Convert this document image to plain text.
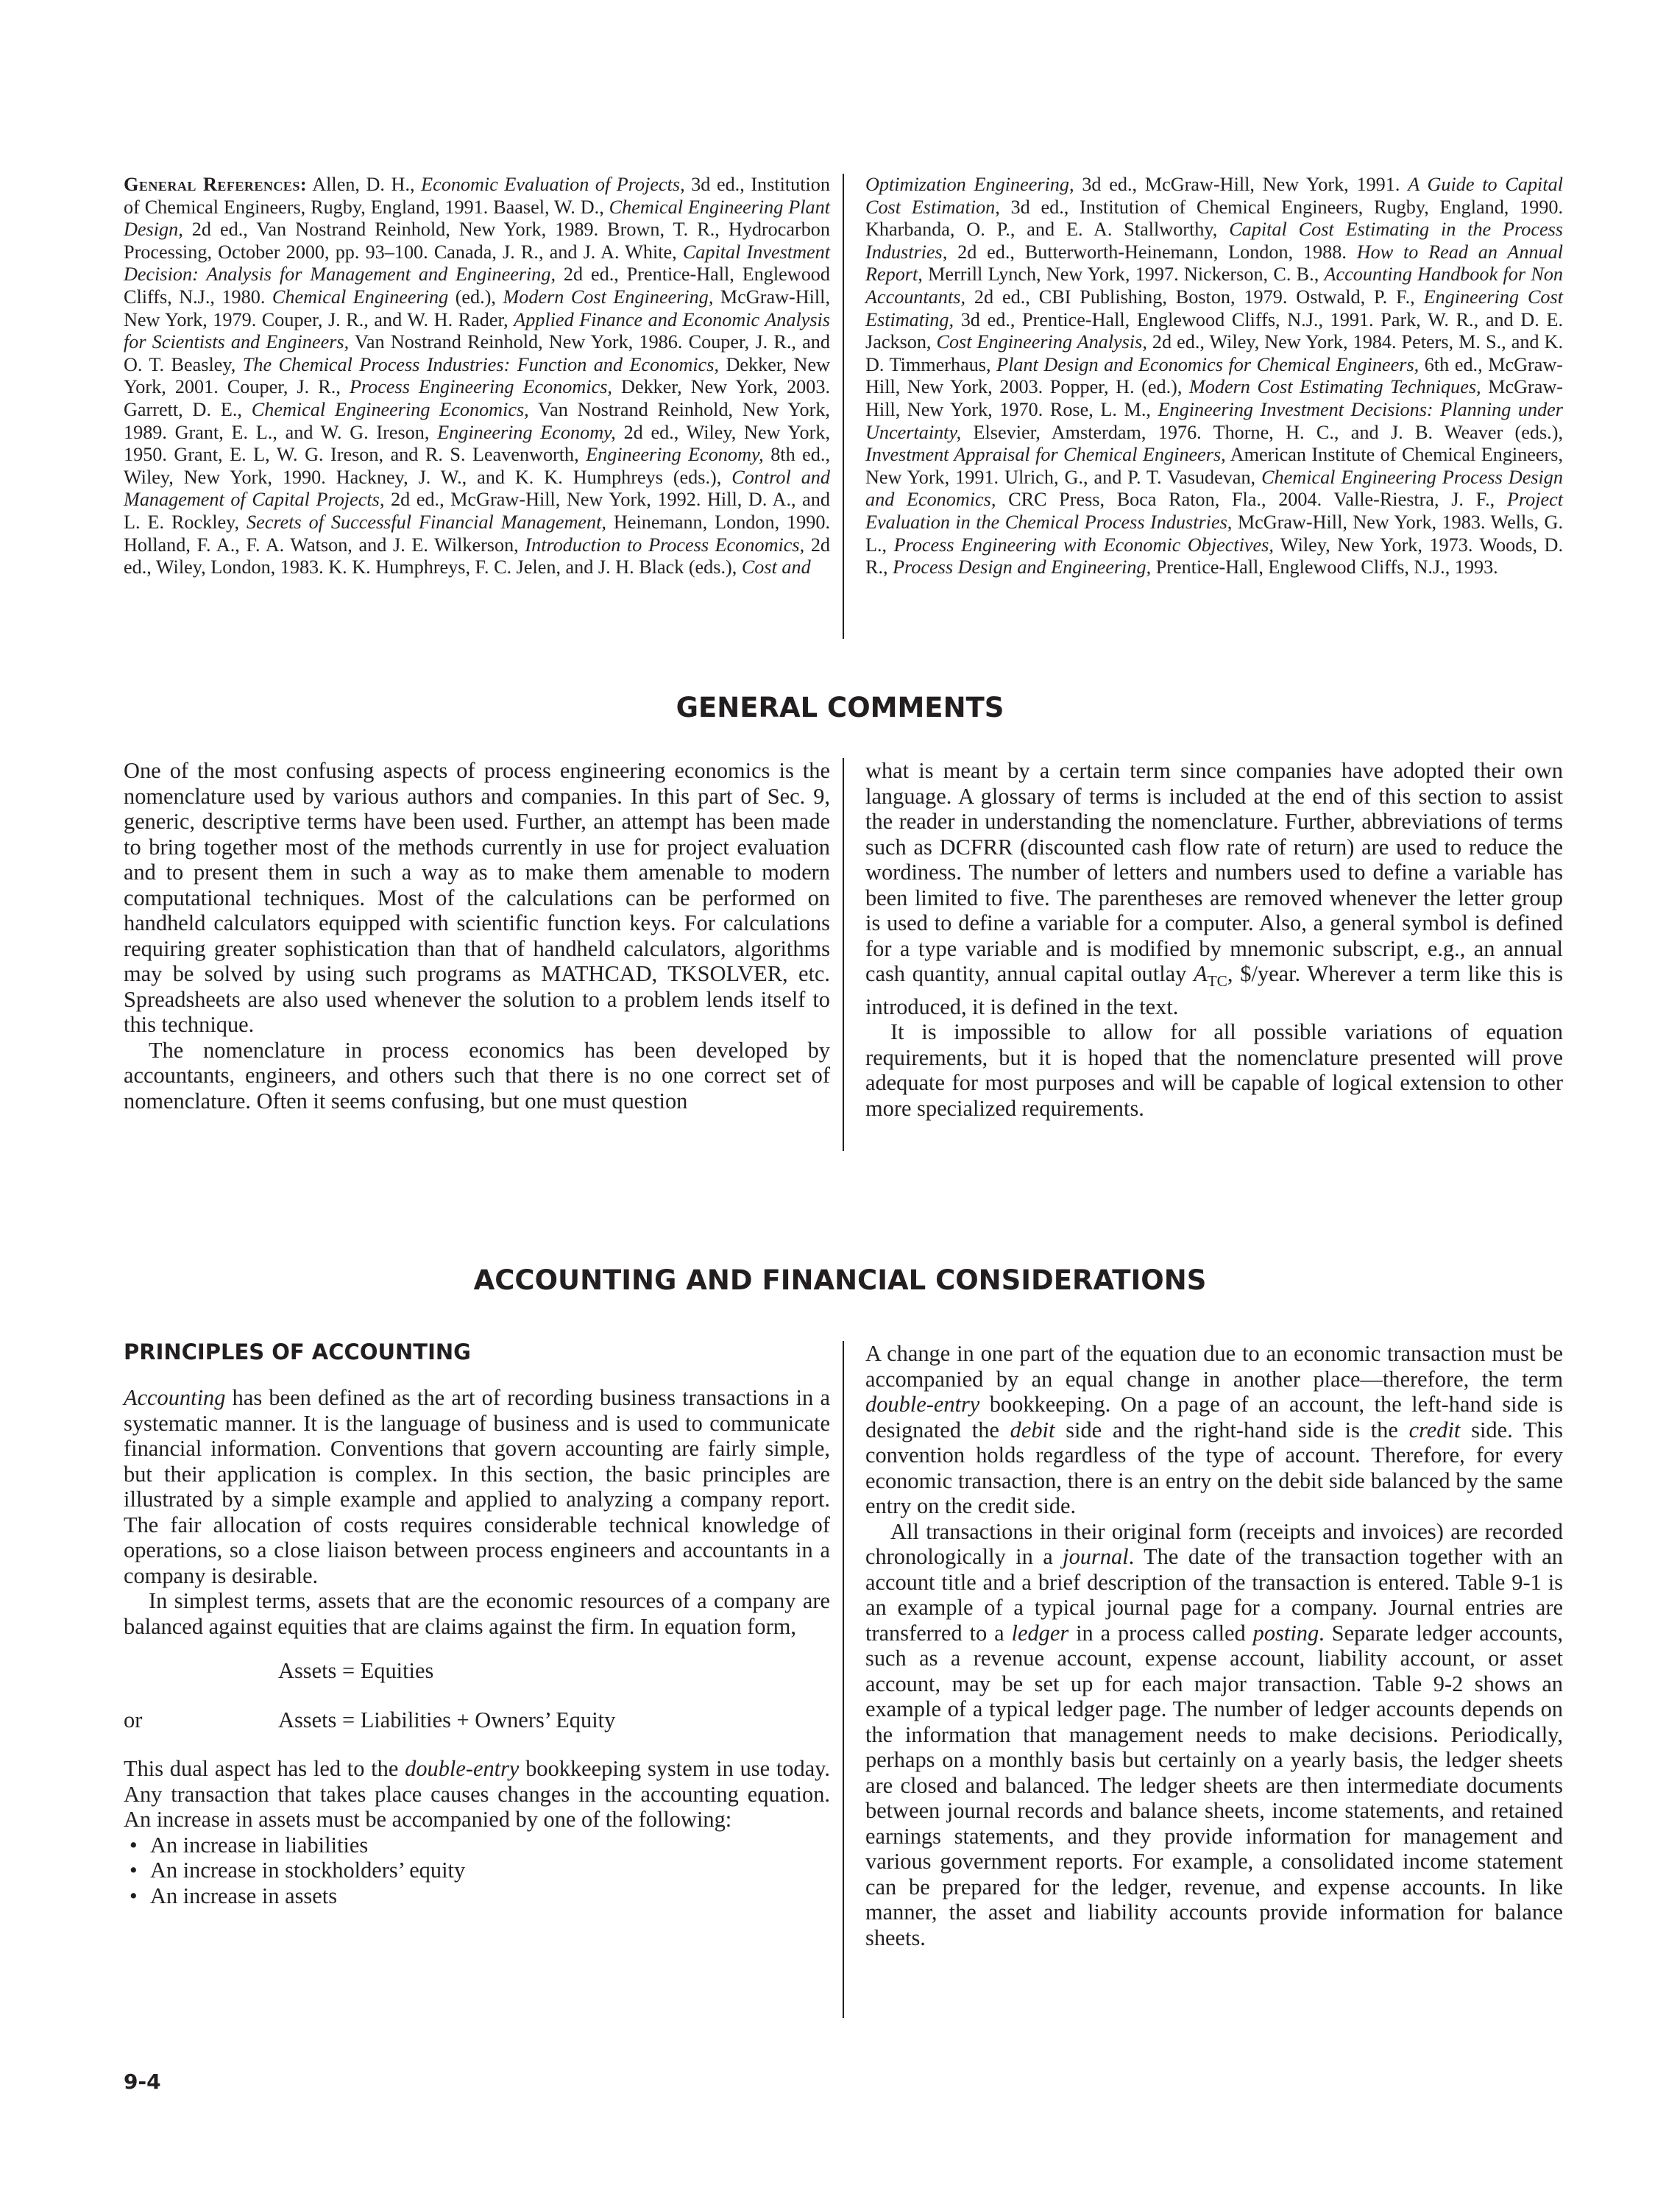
General References: Allen, D. H., Economic Evaluation of Projects, 3d ed., Institution of Chemical Engineers, Rugby, England, 1991. Baasel, W. D., Chemical Engineering Plant Design, 2d ed., Van Nostrand Reinhold, New York, 1989. Brown, T. R., Hydrocarbon Processing, October 2000, pp. 93–100. Canada, J. R., and J. A. White, Capital Investment Decision: Analysis for Management and Engineering, 2d ed., Prentice-Hall, Englewood Cliffs, N.J., 1980. Chemical Engineering (ed.), Modern Cost Engineering, McGraw-Hill, New York, 1979. Couper, J. R., and W. H. Rader, Applied Finance and Economic Analysis for Scientists and Engineers, Van Nostrand Reinhold, New York, 1986. Couper, J. R., and O. T. Beasley, The Chemical Process Industries: Function and Economics, Dekker, New York, 2001. Couper, J. R., Process Engineering Economics, Dekker, New York, 2003. Garrett, D. E., Chemical Engineering Economics, Van Nostrand Reinhold, New York, 1989. Grant, E. L., and W. G. Ireson, Engineering Economy, 2d ed., Wiley, New York, 1950. Grant, E. L, W. G. Ireson, and R. S. Leavenworth, Engineering Economy, 8th ed., Wiley, New York, 1990. Hackney, J. W., and K. K. Humphreys (eds.), Control and Management of Capital Projects, 2d ed., McGraw-Hill, New York, 1992. Hill, D. A., and L. E. Rockley, Secrets of Successful Financial Management, Heinemann, London, 1990. Holland, F. A., F. A. Watson, and J. E. Wilkerson, Introduction to Process Economics, 2d ed., Wiley, London, 1983. K. K. Humphreys, F. C. Jelen, and J. H. Black (eds.), Cost and
Optimization Engineering, 3d ed., McGraw-Hill, New York, 1991. A Guide to Capital Cost Estimation, 3d ed., Institution of Chemical Engineers, Rugby, England, 1990. Kharbanda, O. P., and E. A. Stallworthy, Capital Cost Estimating in the Process Industries, 2d ed., Butterworth-Heinemann, London, 1988. How to Read an Annual Report, Merrill Lynch, New York, 1997. Nickerson, C. B., Accounting Handbook for Non Accountants, 2d ed., CBI Publishing, Boston, 1979. Ostwald, P. F., Engineering Cost Estimating, 3d ed., Prentice-Hall, Englewood Cliffs, N.J., 1991. Park, W. R., and D. E. Jackson, Cost Engineering Analysis, 2d ed., Wiley, New York, 1984. Peters, M. S., and K. D. Timmerhaus, Plant Design and Economics for Chemical Engineers, 6th ed., McGraw-Hill, New York, 2003. Popper, H. (ed.), Modern Cost Estimating Techniques, McGraw-Hill, New York, 1970. Rose, L. M., Engineering Investment Decisions: Planning under Uncertainty, Elsevier, Amsterdam, 1976. Thorne, H. C., and J. B. Weaver (eds.), Investment Appraisal for Chemical Engineers, American Institute of Chemical Engineers, New York, 1991. Ulrich, G., and P. T. Vasudevan, Chemical Engineering Process Design and Economics, CRC Press, Boca Raton, Fla., 2004. Valle-Riestra, J. F., Project Evaluation in the Chemical Process Industries, McGraw-Hill, New York, 1983. Wells, G. L., Process Engineering with Economic Objectives, Wiley, New York, 1973. Woods, D. R., Process Design and Engineering, Prentice-Hall, Englewood Cliffs, N.J., 1993.
GENERAL COMMENTS

One of the most confusing aspects of process engineering economics is the nomenclature used by various authors and companies. In this part of Sec. 9, generic, descriptive terms have been used. Further, an attempt has been made to bring together most of the methods currently in use for project evaluation and to present them in such a way as to make them amenable to modern computational techniques. Most of the calculations can be performed on handheld calculators equipped with scientific function keys. For calculations requiring greater sophistication than that of handheld calculators, algorithms may be solved by using such programs as MATHCAD, TKSOLVER, etc. Spreadsheets are also used whenever the solution to a problem lends itself to this technique.

The nomenclature in process economics has been developed by accountants, engineers, and others such that there is no one correct set of nomenclature. Often it seems confusing, but one must question

what is meant by a certain term since companies have adopted their own language. A glossary of terms is included at the end of this section to assist the reader in understanding the nomenclature. Further, abbreviations of terms such as DCFRR (discounted cash flow rate of return) are used to reduce the wordiness. The number of letters and numbers used to define a variable has been limited to five. The parentheses are removed whenever the letter group is used to define a variable for a computer. Also, a general symbol is defined for a type variable and is modified by mnemonic subscript, e.g., an annual cash quantity, annual capital outlay $A_{TC}$, $/year. Wherever a term like this is introduced, it is defined in the text.

It is impossible to allow for all possible variations of equation requirements, but it is hoped that the nomenclature presented will prove adequate for most purposes and will be capable of logical extension to other more specialized requirements.

ACCOUNTING AND FINANCIAL CONSIDERATIONS
PRINCIPLES OF ACCOUNTING

Accounting has been defined as the art of recording business transactions in a systematic manner. It is the language of business and is used to communicate financial information. Conventions that govern accounting are fairly simple, but their application is complex. In this section, the basic principles are illustrated by a simple example and applied to analyzing a company report. The fair allocation of costs requires considerable technical knowledge of operations, so a close liaison between process engineers and accountants in a company is desirable.

In simplest terms, assets that are the economic resources of a company are balanced against equities that are claims against the firm. In equation form,

Assets = Equities
or	Assets = Liabilities + Owners’ Equity

This dual aspect has led to the double-entry bookkeeping system in use today. Any transaction that takes place causes changes in the accounting equation. An increase in assets must be accompanied by one of the following:

• An increase in liabilities

• An increase in stockholders’ equity

• An increase in assets

A change in one part of the equation due to an economic transaction must be accompanied by an equal change in another place—therefore, the term double-entry bookkeeping. On a page of an account, the left-hand side is designated the debit side and the right-hand side is the credit side. This convention holds regardless of the type of account. Therefore, for every economic transaction, there is an entry on the debit side balanced by the same entry on the credit side.

All transactions in their original form (receipts and invoices) are recorded chronologically in a journal. The date of the transaction together with an account title and a brief description of the transaction is entered. Table 9-1 is an example of a typical journal page for a company. Journal entries are transferred to a ledger in a process called posting. Separate ledger accounts, such as a revenue account, expense account, liability account, or asset account, may be set up for each major transaction. Table 9-2 shows an example of a typical ledger page. The number of ledger accounts depends on the information that management needs to make decisions. Periodically, perhaps on a monthly basis but certainly on a yearly basis, the ledger sheets are closed and balanced. The ledger sheets are then intermediate documents between journal records and balance sheets, income statements, and retained earnings statements, and they provide information for management and various government reports. For example, a consolidated income statement can be prepared for the ledger, revenue, and expense accounts. In like manner, the asset and liability accounts provide information for balance sheets.

9-4
